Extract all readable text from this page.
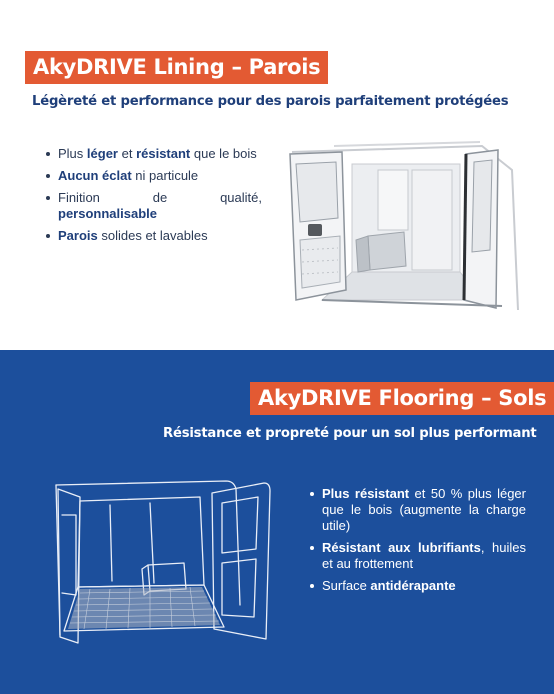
AkyDRIVE Lining – Parois
Légèreté et performance pour des parois parfaitement protégées
Plus léger et résistant que le bois
Aucun éclat ni particule
Finition de qualité,
personnalisable
Parois solides et lavables
AkyDRIVE Flooring – Sols
Résistance et propreté pour un sol plus performant
Plus résistant et 50 % plus léger que le bois (augmente la charge utile)
Résistant aux lubrifiants, huiles et au frottement
Surface antidérapante
